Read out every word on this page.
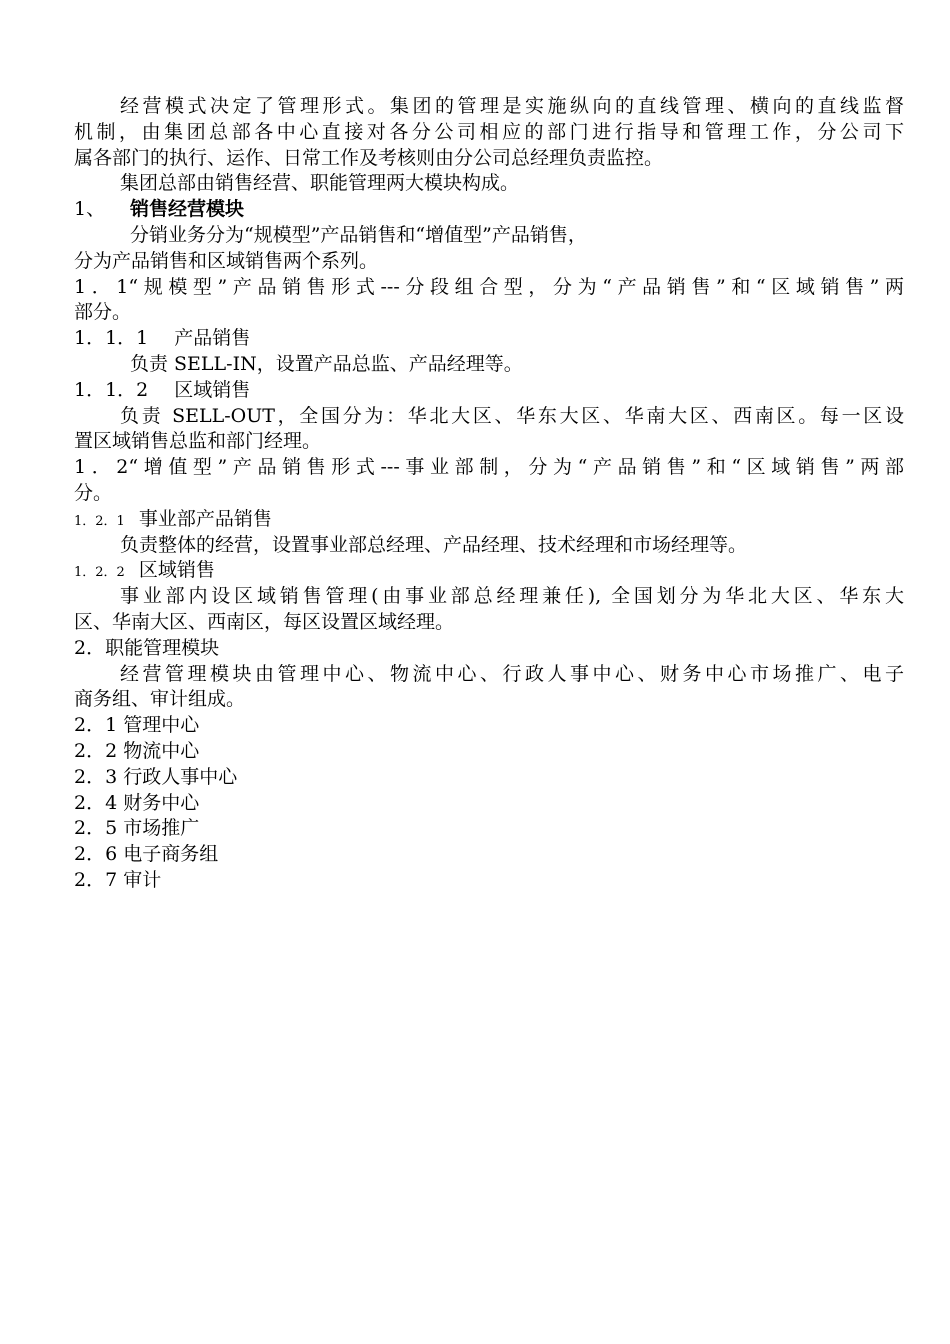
经营模式决定了管理形式。集团的管理是实施纵向的直线管理、横向的直线监督
机制，由集团总部各中心直接对各分公司相应的部门进行指导和管理工作，分公司下
属各部门的执行、运作、日常工作及考核则由分公司总经理负责监控。
集团总部由销售经营、职能管理两大模块构成。
1、 销售经营模块
分销业务分为“规模型”产品销售和“增值型”产品销售，
分为产品销售和区域销售两个系列。
1．1“规模型”产品销售形式---分段组合型，分为“产品销售”和“区域销售”两
部分。
1．1．1 产品销售
负责 SELL-IN，设置产品总监、产品经理等。
1．1．2 区域销售
负责 SELL-OUT，全国分为：华北大区、华东大区、华南大区、西南区。每一区设
置区域销售总监和部门经理。
1．2“增值型”产品销售形式---事业部制，分为“产品销售”和“区域销售”两部
分。
1．2．1 事业部产品销售
负责整体的经营，设置事业部总经理、产品经理、技术经理和市场经理等。
1．2．2 区域销售
事业部内设区域销售管理(由事业部总经理兼任), 全国划分为华北大区、华东大
区、华南大区、西南区，每区设置区域经理。
2．职能管理模块
经营管理模块由管理中心、物流中心、行政人事中心、财务中心市场推广、电子
商务组、审计组成。
2．1 管理中心
2．2 物流中心
2．3 行政人事中心
2．4 财务中心
2．5 市场推广
2．6 电子商务组
2．7 审计
